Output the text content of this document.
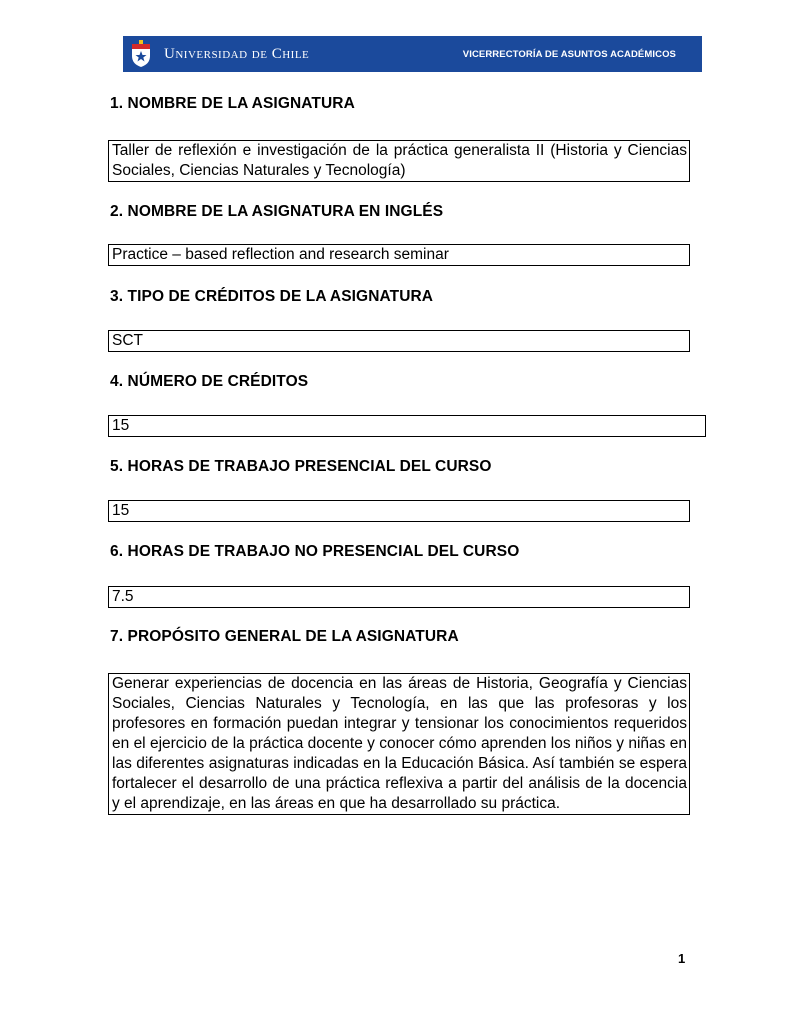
Universidad de Chile	VICERRECTORÍA DE ASUNTOS ACADÉMICOS
1. NOMBRE DE LA ASIGNATURA
Taller de reflexión e investigación de la práctica generalista II (Historia y Ciencias Sociales, Ciencias Naturales y Tecnología)
2. NOMBRE DE LA ASIGNATURA EN INGLÉS
Practice – based reflection and research seminar
3. TIPO DE CRÉDITOS DE LA ASIGNATURA
SCT
4. NÚMERO DE CRÉDITOS
15
5. HORAS DE TRABAJO PRESENCIAL DEL CURSO
15
6. HORAS DE TRABAJO NO PRESENCIAL DEL CURSO
7.5
7. PROPÓSITO GENERAL DE LA ASIGNATURA
Generar experiencias de docencia en las áreas de Historia, Geografía y Ciencias Sociales, Ciencias Naturales y Tecnología, en las que las profesoras y los profesores en formación puedan integrar y tensionar los conocimientos requeridos en el ejercicio de la práctica docente y conocer cómo aprenden los niños y niñas en las diferentes asignaturas indicadas en la Educación Básica. Así también se espera fortalecer el desarrollo de una práctica reflexiva a partir del análisis de la docencia y el aprendizaje, en las áreas en que ha desarrollado su práctica.
1
